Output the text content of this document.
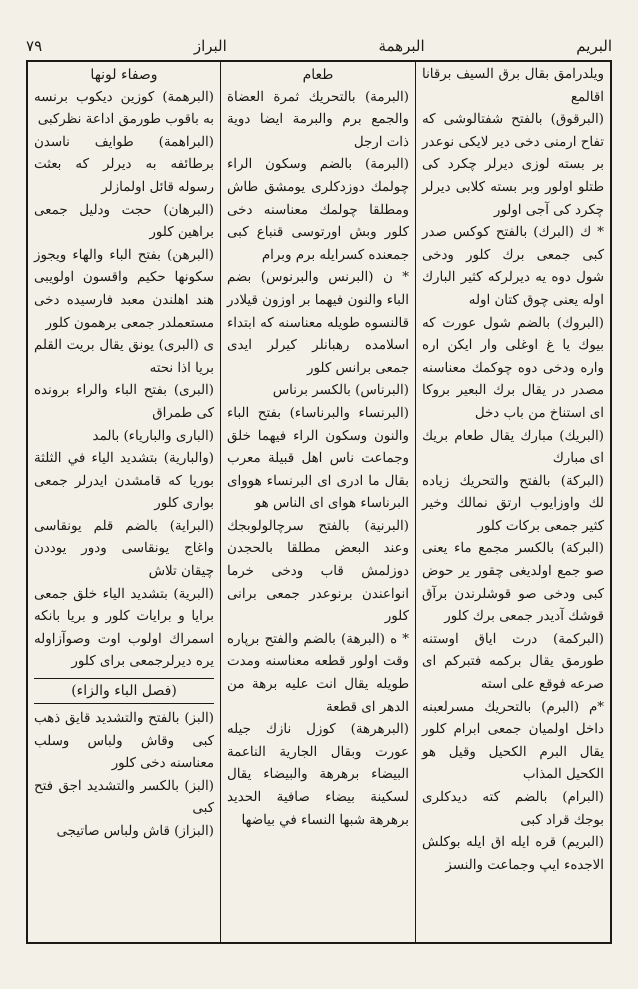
البريم
البرهمة
البراز
٧٩

ويلدرامق بقال برق السيف برقانا اقالمع

(البرقوق) بالفتح شفتالوشى كه تفاح ارمنى دخى دير لايكى نوعدر بر بسته لوزى ديرلر چكرد كى طتلو اولور وبر بسته كلابى ديرلر چكرد كى آجى اولور

* ك (البرك) بالفتح كوكس صدر كبى جمعى برك كلور ودخى شول دوه يه ديرلركه كثير البارك اوله يعنى چوق كتان اوله

(البروك) بالضم شول عورت كه بيوك يا غ اوغلى وار ايكن اره واره ودخى دوه چوكمك معناسنه مصدر در يقال برك البعير بروكا اى استناخ من باب دخل

(البريك) مبارك يقال طعام بريك اى مبارك

(البركة) بالفتح والتحريك زياده لك واوزايوب ارتق نمالك وخير كثير جمعى بركات كلور

(البركة) بالكسر مجمع ماء يعنى صو جمع اولديغى چقور ير حوض كبى ودخى صو قوشلرندن برآق قوشك آدیدر جمعى برك كلور

(البركمة) درت اياق اوستنه طورمق يقال بركمه فتبركم اى صرعه فوقع على استه

*م (البرم) بالتحريك مسرلعبنه داخل اولميان جمعى ابرام كلور يقال البرم الكحيل وقيل هو الكحيل المذاب

(البرام) بالضم كته ديدكلرى بوجك قراد كبى

(البريم) قره ايله اق ايله بوكلش الاجدهء ايپ وجماعت والنسز

طعام

(البرمة) بالتحريك ثمرة العضاة والجمع برم والبرمة ايضا دوية ذات ارجل

(البرمة) بالضم وسكون الراء چولمك دوزدكلرى يومشق طاش ومطلقا چولمك معناسنه دخى كلور وبش اورتوسى قنباع كبى جمعنده كسرايله برم وبرام

* ن (البرنس والبرنوس) بضم الباء والنون فيهما بر اوزون قيلادر قالنسوه طويله معناسنه كه ابتداء اسلامده رهبانلر كيرلر ايدى جمعى برانس كلور

(البرناس) بالكسر برناس

(البرنساء والبرناساء) بفتح الباء والنون وسكون الراء فيهما خلق وجماعت ناس اهل قبيلة معرب بقال ما ادرى اى البرنساء هوواى البرناساء هواى اى الناس هو

(البرنية) بالفتح سرچالولوبجك وعند البعض مطلقا بالحجدن دوزلمش قاب ودخى خرما انواعندن برنوعدر جمعى برانى كلور

* ه (البرهة) بالضم والفتح برپاره وقت اولور قطعه معناسنه ومدت طويله يقال انت عليه برهة من الدهر اى قطعة

(البرهرهة) كوزل نازك جيله عورت وبقال الجارية الناعمة البيضاء برهرهة والبيضاء يقال لسكينة بيضاء صافية الحديد برهرهة شبها النساء في بياضها

وصفاء لونها

(البرهمة) كوزين ديكوب برنسه به باقوب طورمق اداعة نظركبى

(البراهمة) طوايف ناسدن برطائفه به ديرلر كه بعثت رسوله قائل اولمازلر

(البرهان) حجت ودليل جمعى براهين كلور

(البرهن) بفتح الباء والهاء ويجوز سكونها حكيم واقسون اولويبى هند اهلندن معبد فارسيده دخى مستعملدر جمعى برهمون كلور

ى (البرى) يونق يقال بريت القلم بريا اذا نحته

(البرى) بفتح الباء والراء برونده كى طمراق

(البارى والبارياء) بالمد

(والبارية) بتشديد الياء في الثلثة بوريا كه قامشدن ايدرلر جمعى بوارى كلور

(البراية) بالضم قلم يونقاسى واغاج يونقاسى ودور يوددن چيقان تلاش

(البرية) بتشديد الياء خلق جمعى برايا و برايات كلور و بريا بانكه اسمراك اولوب اوت وصوآزاوله يره ديرلرجمعى براى كلور

(فصل الباء والزاء)

(البز) بالفتح والتشديد قايق ذهب كبى وقاش ولباس وسلب معناسنه دخى كلور

(البز) بالكسر والتشديد اجق فتح كبى

(البزاز) قاش ولباس صاتيجى
